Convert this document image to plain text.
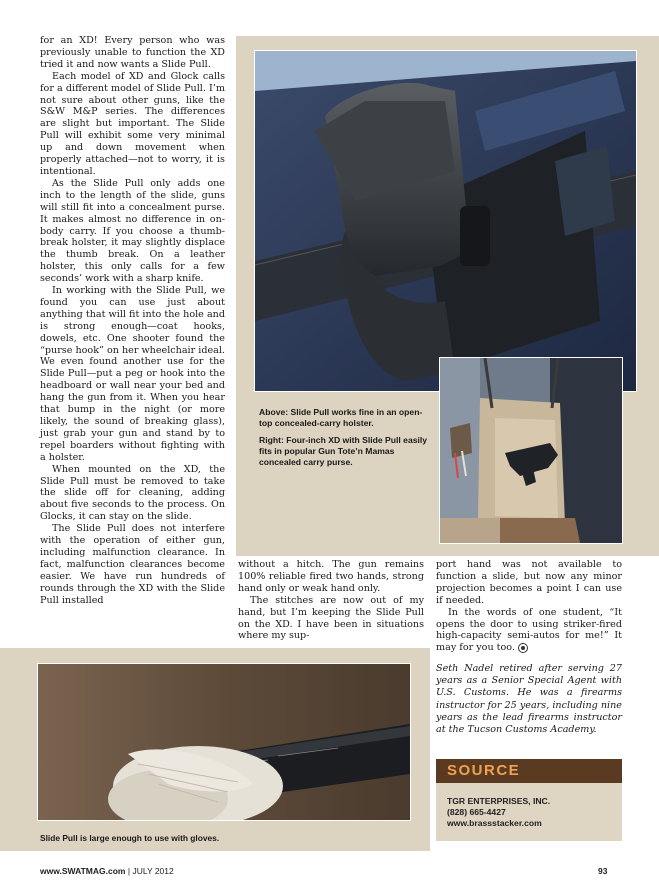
for an XD! Every person who was previously unable to function the XD tried it and now wants a Slide Pull.

Each model of XD and Glock calls for a different model of Slide Pull. I’m not sure about other guns, like the S&W M&P series. The differences are slight but important. The Slide Pull will exhibit some very minimal up and down movement when properly attached—not to worry, it is intentional.

As the Slide Pull only adds one inch to the length of the slide, guns will still fit into a concealment purse. It makes almost no difference in on-body carry. If you choose a thumb-break holster, it may slightly displace the thumb break. On a leather holster, this only calls for a few seconds’ work with a sharp knife.

In working with the Slide Pull, we found you can use just about anything that will fit into the hole and is strong enough—coat hooks, dowels, etc. One shooter found the “purse hook” on her wheelchair ideal. We even found another use for the Slide Pull—put a peg or hook into the headboard or wall near your bed and hang the gun from it. When you hear that bump in the night (or more likely, the sound of breaking glass), just grab your gun and stand by to repel boarders without fighting with a holster.

When mounted on the XD, the Slide Pull must be removed to take the slide off for cleaning, adding about five seconds to the process. On Glocks, it can stay on the slide.

The Slide Pull does not interfere with the operation of either gun, including malfunction clearance. In fact, malfunction clearances become easier. We have run hundreds of rounds through the XD with the Slide Pull installed

without a hitch. The gun remains 100% reliable fired two hands, strong hand only or weak hand only.

The stitches are now out of my hand, but I’m keeping the Slide Pull on the XD. I have been in situations where my sup-

port hand was not available to function a slide, but now any minor projection becomes a point I can use if needed.

In the words of one student, “It opens the door to using striker-fired high-capacity semi-autos for me!” It may for you too.

Above: Slide Pull works fine in an open-top concealed-carry holster.

Right: Four-inch XD with Slide Pull easily fits in popular Gun Tote’n Mamas concealed carry purse.

Slide Pull is large enough to use with gloves.
Seth Nadel retired after serving 27 years as a Senior Special Agent with U.S. Customs. He was a firearms instructor for 25 years, including nine years as the lead firearms instructor at the Tucson Customs Academy.
SOURCE
TGR ENTERPRISES, INC.
(828) 665-4427
www.brassstacker.com
www.SWATMAG.com | JULY 2012	93
